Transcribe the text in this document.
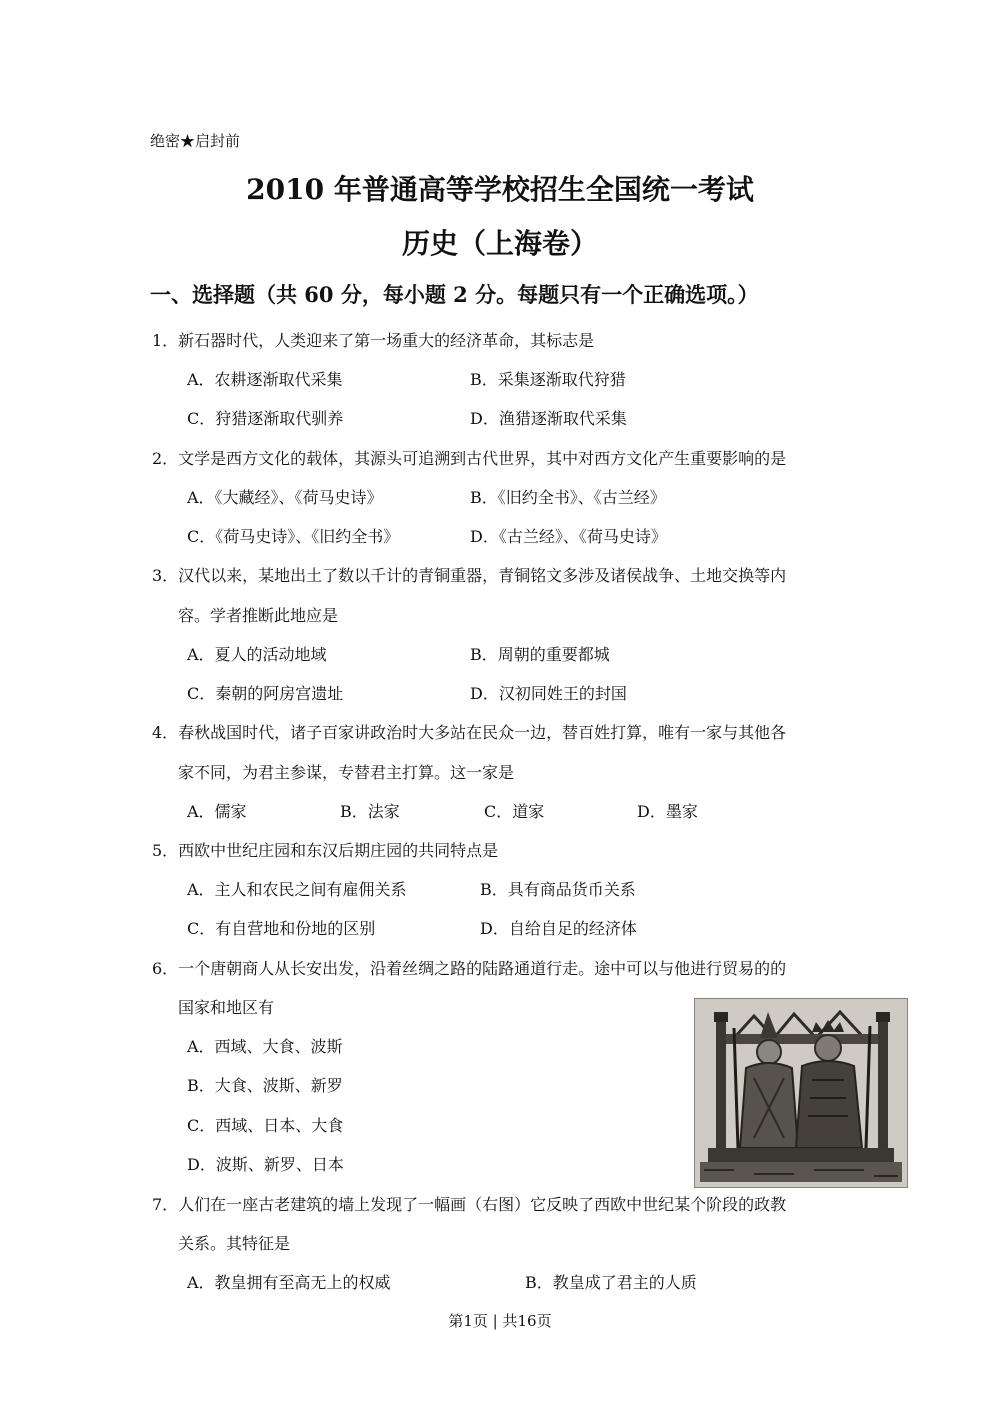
绝密★启封前
2010 年普通高等学校招生全国统一考试
历史（上海卷）
一、选择题（共 60 分，每小题 2 分。每题只有一个正确选项。）
1．新石器时代，人类迎来了第一场重大的经济革命，其标志是
A．农耕逐渐取代采集	B．采集逐渐取代狩猎
C．狩猎逐渐取代驯养	D．渔猎逐渐取代采集
2．文学是西方文化的载体，其源头可追溯到古代世界，其中对西方文化产生重要影响的是
A．《大藏经》、《荷马史诗》	B．《旧约全书》、《古兰经》
C．《荷马史诗》、《旧约全书》	D．《古兰经》、《荷马史诗》
3．汉代以来，某地出土了数以千计的青铜重器，青铜铭文多涉及诸侯战争、土地交换等内
容。学者推断此地应是
A．夏人的活动地域	B．周朝的重要都城
C．秦朝的阿房宫遗址	D．汉初同姓王的封国
4．春秋战国时代，诸子百家讲政治时大多站在民众一边，替百姓打算，唯有一家与其他各
家不同，为君主参谋，专替君主打算。这一家是
A．儒家	B．法家	C．道家	D．墨家
5．西欧中世纪庄园和东汉后期庄园的共同特点是
A．主人和农民之间有雇佣关系	B．具有商品货币关系
C．有自营地和份地的区别	D．自给自足的经济体
6．一个唐朝商人从长安出发，沿着丝绸之路的陆路通道行走。途中可以与他进行贸易的的
国家和地区有
A．西域、大食、波斯
B．大食、波斯、新罗
C．西域、日本、大食
D．波斯、新罗、日本
7．人们在一座古老建筑的墙上发现了一幅画（右图）它反映了西欧中世纪某个阶段的政教
关系。其特征是
A．教皇拥有至高无上的权威	B．教皇成了君主的人质
第1页 | 共16页
